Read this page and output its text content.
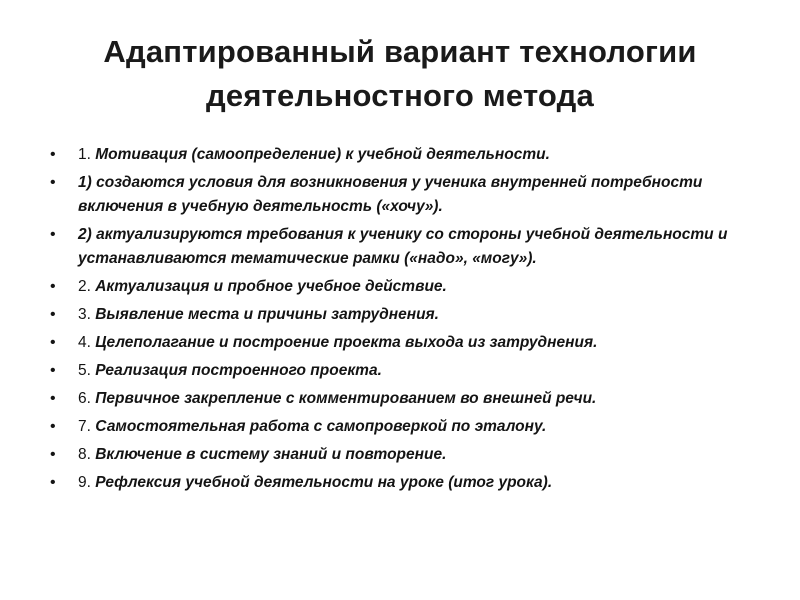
Адаптированный вариант технологии
деятельностного метода
• 1. Мотивация (самоопределение) к учебной деятельности.
• 1) создаются условия для возникновения у ученика внутренней потребности включения в учебную деятельность («хочу»).
• 2) актуализируются требования к ученику со стороны учебной деятельности и устанавливаются тематические рамки («надо», «могу»).
• 2. Актуализация и пробное учебное действие.
• 3. Выявление места и причины затруднения.
• 4. Целеполагание и построение проекта выхода из затруднения.
• 5. Реализация построенного проекта.
• 6. Первичное закрепление с комментированием во внешней речи.
• 7. Самостоятельная работа с самопроверкой по эталону.
• 8. Включение в систему знаний и повторение.
• 9. Рефлексия учебной деятельности на уроке (итог урока).
